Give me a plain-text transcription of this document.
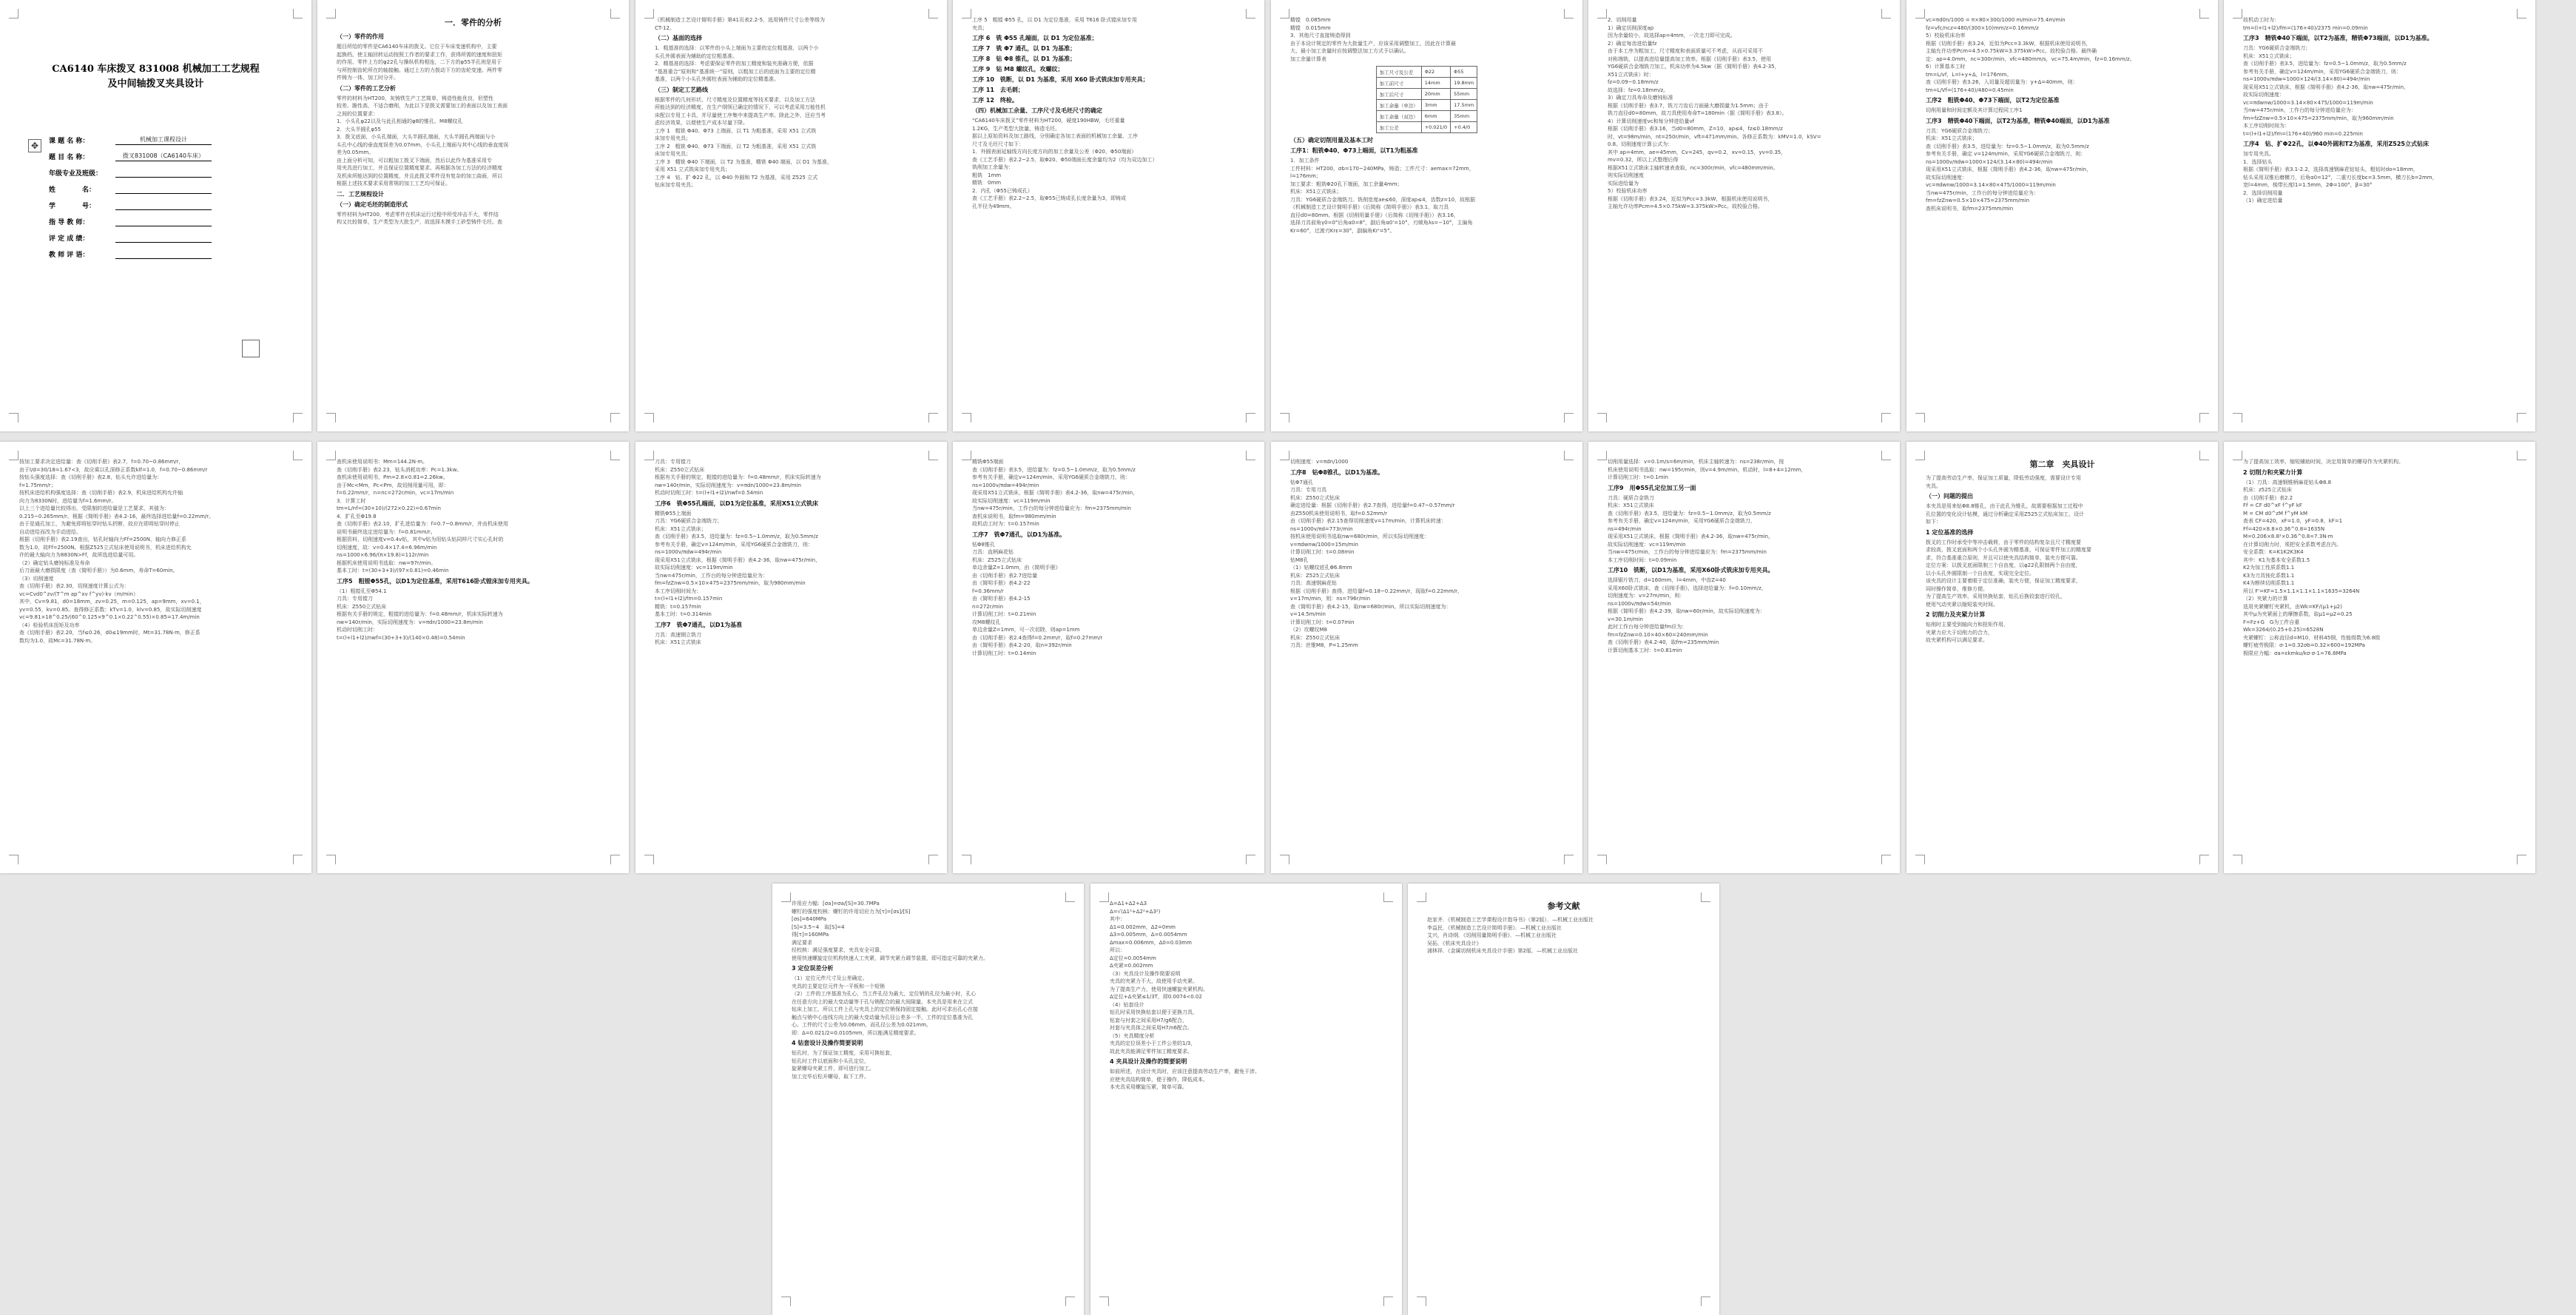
CA6140 车床拨叉 831008 机械加工工艺规程
及中间轴拨叉夹具设计
✥	课 题 名 称：	机械加工课程设计
题 目 名 称：	拨叉831008（CA6140车床）
年级专业及班级：
姓　　　　名：
学　　　　号：
指 导 教 师：
评 定 成 绩：
教 师 评 语：
一．零件的分析
（一）零件的作用
题目所给的零件是CA6140车床的拨叉。它位于车床变速机构中，主要
起换档，使主轴回转运动按照工作者的要求工作，获得所需的速度和扭矩
的作用。零件上方的φ22孔与操纵机构相连，二下方的φ55半孔则是用于
与所控制齿轮所在的轴接触。通过上方的力拨动下方的齿轮变速。两件零
件铸为一体，加工时分开。
（二）零件的工艺分析
零件的材料为HT200，灰铸铁生产工艺简单，铸造性能优良，但塑性
较差、脆性高，不适合磨削，为此以下是拨叉需要加工的表面以及加工表面
之间的位置要求：
1．小头孔φ22以及与此孔相通的φ8的锥孔、M8螺纹孔
2．大头半圆孔φ55
3．拨叉底面，小头孔端面，大头半圆孔端面，大头半圆孔两端面与小
头孔中心线的垂直度误差为0.07mm，小头孔上端面与其中心线的垂直度误
差为0.05mm。
由上面分析可知，可以粗加工拨叉下端面，然后以此作为基准采用专
用夹具进行加工，并且保证位置精度要求。再根据各加工方法的经济精度
及机床所能达到的位置精度，并且此拨叉零件没有复杂的加工曲面，所以
根据上述技术要求采用常规的加工工艺均可保证。
二．工艺规程设计
（一）确定毛坯的制造形式
零件材料为HT200，考虑零件在机床运行过程中所受冲击不大，零件结
构又比较简单，生产类型为大批生产，故选择木摸手工砂型铸件毛坯。查
《机械制造工艺设计简明手册》第41页表2.2-5，选用铸件尺寸公差等级为
CT-12。
（二）基面的选择
1．粗基准的选择：以零件的小头上端面为主要的定位粗基准，以两个小
头孔外圆表面为辅助的定位粗基准。
2．精基准的选择：考虑要保证零件的加工精度和装夹准确方便，依据
“基准重合”原则和“基准统一”原则，以粗加工后的底面为主要的定位精
基准，以两个小头孔外圆柱表面为辅助的定位精基准。
（三）制定工艺路线
根据零件的几何形状、尺寸精度及位置精度等技术要求，以及加工方法
所能达到的经济精度，在生产纲领已确定的情况下，可以考虑采用万能性机
床配以专用工卡具，并尽量使工序集中来提高生产率。除此之外，还应当考
虑经济效果，以便使生产成本尽量下降。
工序 1　粗铣 Φ40、Φ73 上端面，以 T1 为粗基准，采用 X51 立式铣
床加专用夹具；
工序 2　粗铣 Φ40、Φ73 下端面，以 T2 为粗基准，采用 X51 立式铣
床加专用夹具；
工序 3　精铣 Φ40 下端面，以 T2 为基准，精铣 Φ40 端面，以 D1 为基准，
采用 X51 立式铣床加专用夹具；
工序 4　钻、扩 Φ22 孔，以 Φ40 外圆和 T2 为基准，采用 Z525 立式
钻床加专用夹具；
工序 5　粗镗 Φ55 孔，以 D1 为定位基准，采用 T616 卧式镗床加专用
夹具；
工序 6　铣 Φ55 孔端面，以 D1 为定位基准；
工序 7　铣 Φ7 通孔，以 D1 为基准；
工序 8　钻 Φ8 锥孔，以 D1 为基准；
工序 9　钻 M8 螺纹孔，攻螺纹；
工序 10　铣断，以 D1 为基准，采用 X60 卧式铣床加专用夹具；
工序 11　去毛刺；
工序 12　终检。
（四）机械加工余量、工序尺寸及毛坯尺寸的确定
“CA6140车床拨叉”零件材料为HT200，硬度190HBW，毛坯重量
1.2KG，生产类型大批量，铸造毛坯。
据以上原始资料及加工路线，分别确定各加工表面的机械加工余量、工序
尺寸及毛坯尺寸如下：
1．外圆表面延轴线方向长度方向的加工余量及公差（Φ20、Φ50端面）
查《工艺手册》表2.2~2.5，取Φ20、Φ50端面长度余量均为2（均为双边加工）
铣削加工余量为：
粗铣　1mm
精铣　0mm
2．内孔（Φ55已铸成孔）
查《工艺手册》表2.2~2.5，取Φ55已铸成孔长度余量为3，即铸成
孔半径为49mm。
精镗　0.085mm
精镗　0.015mm
3．其他尺寸直接铸造得到
由于本设计规定的零件为大批量生产，应该采用调整加工，因此在计算最
大、最小加工余量时应按调整法加工方式予以确认。
加工余量计算表
加工尺寸及公差	Φ22	Φ55
加工前尺寸	14mm	19.8mm
加工后尺寸	20mm	55mm
加工余量（单边）	3mm	17.5mm
加工余量（双边）	6mm	35mm
加工公差	+0.021/0	+0.4/0
（五）确定切削用量及基本工时
工序1：粗铣Φ40、Φ73上端面，以T1为粗基准
1．加工条件
工件材料：HT200，σb=170~240MPa，铸造；工件尺寸：aemax=72mm，
l=176mm；
加工要求：粗铣Φ20孔下端面，加工余量4mm；
机床：X51立式铣床；
刀具：YG6硬质合金端铣刀。铣削宽度ae≤60，深度ap≤4，齿数z=10，故根据
《机械制造工艺设计简明手册》（后简称《简明手册》）表3.1，取刀具
直径d0=80mm。根据《切削用量手册》（后简称《切削手册》）表3.16，
选择刀具前角γ0=0°后角α0=8°，副后角α0'=10°，刃倾角λs=−10°，主偏角
Kr=60°，过渡刃Krε=30°，副偏角Kr'=5°。
2．切削用量
1）确定切削深度ap
因为余量较小，故选择ap=4mm，一次走刀即可完成。
2）确定每齿进给量fz
由于本工序为粗加工，尺寸精度和表面质量可不考虑，从而可采用不
对称端铣，以提高进给量提高加工效率。根据《切削手册》表3.5，使用
YG6硬质合金端铣刀加工，机床功率为4.5kw（据《简明手册》表4.2-35，
X51立式铣床）时：
fz=0.09~0.18mm/z
故选择：fz=0.18mm/z。
3）确定刀具寿命及磨钝标准
根据《切削手册》表3.7，铣刀刀齿后刀面最大磨损量为1.5mm；由于
铣刀直径d0=80mm，故刀具使用寿命T=180min（据《简明手册》表3.8）。
4）计算切削速度vc和每分钟进给量vf
根据《切削手册》表3.16，当d0=80mm，Z=10，ap≤4，fz≤0.18mm/z
时，vt=98m/min，nt=250r/min，vft=471mm/min。各修正系数为：kMV=1.0，kSV=
0.8。切削速度计算公式为：
其中 ap=4mm，ae=45mm，Cv=245，qv=0.2，xv=0.15，yv=0.35，
mv=0.32，所以上式整理后得
根据X51立式铣床主轴转速表查取，nc=300r/min，vfc=480mm/min。
则实际切削速度
实际进给量为
5）校验机床功率
根据《切削手册》表3.24，近似为Pcc=3.3kW，根据机床使用说明书，
主轴允许功率Pcm=4.5×0.75kW=3.375kW>Pcc。故校验合格。
vc=πd0n/1000 = π×80×300/1000 m/min=75.4m/min
fz=vfc/ncz=480/(300×10)mm/z=0.16mm/z
5）校验机床功率
根据《切削手册》表3.24，近似为Pcc=3.3kW，根据机床使用说明书，
主轴允许功率Pcm=4.5×0.75kW=3.375kW>Pcc。故校验合格。最终确
定：ap=4.0mm，nc=300r/min，vfc=480mm/s，vc=75.4m/min，fz=0.16mm/z。
6）计算基本工时
tm=L/vf，L=l+y+Δ，l=176mm。
查《切削手册》表3.26，入切量及超切量为：y+Δ=40mm，则：
tm=L/Vf=(176+40)/480=0.45min
工序2　粗铣Φ40、Φ73下端面，以T2为定位基准
切削用量和时间定额及其计算过程同工序1
工序3　精铣Φ40下端面，以T2为基准，精铣Φ40端面，以D1为基准
刀具：YG6硬质合金端铣刀；
机床：X51立式铣床；
查《切削手册》表3.5，进给量为：fz=0.5~1.0mm/z，取为0.5mm/z
参考有关手册，确定 v=124m/min，采用YG6硬质合金端铣刀，则：
ns=1000v/πdw=1000×124/(3.14×80)=494r/min
现采用X51立式铣床，根据《简明手册》表4.2-36，取nw=475r/min，
故实际切削速度：
vc=πdwnw/1000=3.14×80×475/1000=119m/min
当nw=475r/min，工作台的每分钟进给量应为：
fm=fzZnw=0.5×10×475=2375mm/min
查机床说明书，取fm=2375mm/min
故机动工时为：
tm=(l+l1+l2)/fm=(176+40)/2375 min=0.09min
工序3　精铣Φ40下端面，以T2为基准，精铣Φ73端面，以D1为基准。
刀具：YG6硬质合金端铣刀；
机床：X51立式铣床；
查《切削手册》表3.5，进给量为：fz=0.5~1.0mm/z，取为0.5mm/z
参考有关手册，确定v=124m/min，采用YG6硬质合金端铣刀，则：
ns=1000v/πdw=1000×124/(3.14×80)=494r/min
现采用X51立式铣床，根据《简明手册》表4.2-36，取nw=475r/min，
故实际切削速度：
vc=πdwnw/1000=3.14×80×475/1000=119m/min
当nw=475r/min，工作台的每分钟进给量应为：
fm=fzZnw=0.5×10×475=2375mm/min，取为960mm/min
本工序切削时间为：
t=(l+l1+l2)/fm=(176+40)/960 min=0.225min
工序4　钻、扩Φ22孔，以Φ40外圆和T2为基准，采用Z525立式钻床
加专用夹具。
1．选择钻头
根据《简明手册》表3.1-2.2，选择高速钢麻花钻钻头，粗钻时do=18mm，
钻头采用双锥后磨横刀，后角α0=12°，二重刃长度bε=3.5mm，横刀长b=2mm，
宽l=4mm，棱带长度l1=1.5mm，2Φ=100°，β=30°
2．选择切削用量
（1）确定进给量
按加工要求决定进给量：查《切削手册》表2.7，f=0.70~0.86mm/r，
由于l/d=30/18=1.67<3，故应乘以孔深修正系数klf=1.0，f=0.70~0.86mm/r
按钻头强度选择：查《切削手册》表2.8，钻头允许进给量为：
f=1.75mm/r；
按机床进给机构强度选择：查《切削手册》表2.9，机床进给机构允许轴
向力为8330N时，进给量为f=1.6mm/r。
以上三个进给量比较得出，受限制的进给量是工艺要求，其值为：
0.215~0.265mm/r。根据《简明手册》表4.2-16，最终选择进给量f=0.22mm/r。
由于是通孔加工，为避免即将钻穿时钻头折断，故应在即将钻穿时停止
自动进给而改为手动进给。
根据《切削手册》表2.19查出，钻孔时轴向力Ff=2500N，轴向力修正系
数为1.0，故Ff=2500N。根据Z525立式钻床使用说明书，机床进给机构允
许的最大轴向力为8830N>Ff，故所选进给量可用。
（2）确定钻头磨钝标准及寿命
后刀面最大磨损限度（查《简明手册》）为0.6mm，寿命T=60min。
（3）切削速度
查《切削手册》表2.30，切削速度计算公式为：
vc=Cvd0^zv/(T^m ap^xv f^yv)·kv（m/min）
其中，Cv=9.81，d0=18mm，zv=0.25，m=0.125，ap=9mm，xv=0.1，
yv=0.55，kv=0.85。查得修正系数：kTv=1.0，klv=0.85，故实际切削速度
vc=9.81×18^0.25/(60^0.125×9^0.1×0.22^0.55)×0.85=17.4m/min
（4）检验机床扭矩及功率
查《切削手册》表2.20，当f≤0.26，d0≤19mm时，Mt=31.78N·m，修正系
数均为1.0，故Mc=31.78N·m。
查机床使用说明书：Mm=144.2N·m。
查《切削手册》表2.23，钻头消耗功率：Pc=1.3kw。
查机床使用说明书，Pm=2.8×0.81=2.26kw。
由于Mc<Mm，Pc<Pm，故切削用量可用，即：
f=0.22mm/r，n=nc=272r/min，vc=17m/min
3．计算工时
tm=L/nf=(30+10)/(272×0.22)=0.67min
4．扩孔至Φ19.8
查《切削手册》表2.10，扩孔进给量为：f=0.7~0.8mm/r，并由机床使用
说明书最终选定进给量为：f=0.81mm/r。
根据资料，切削速度v=0.4v钻，其中v钻为用钻头钻同样尺寸实心孔时的
切削速度，故：v=0.4×17.4=6.96m/min
ns=1000×6.96/(π×19.8)=112r/min
根据机床使用说明书选取：nw=97r/min。
基本工时：t=(30+3+3)/(97×0.81)=0.46min
工序5　粗镗Φ55孔，以D1为定位基准，采用T616卧式镗床加专用夹具。
（1）粗镗孔至Φ54.1
刀具：专用镗刀
机床：Z550立式钻床
根据有关手册的规定，粗镗的进给量为：f=0.48mm/r，机床实际转速为
nw=140r/min，实际切削速度为：v=πdn/1000=23.8m/min
机动时切削工时：
t=(l+l1+l2)/nwf=(30+3+3)/(140×0.48)=0.54min
刀具：专用镗刀
机床：Z550立式钻床
根据有关手册的规定，粗镗的进给量为：f=0.48mm/r，机床实际转速为
nw=140r/min，实际切削速度为：v=πdn/1000=23.8m/min
机动时切削工时：t=(l+l1+l2)/nwf=0.54min
工序6　铣Φ55孔端面，以D1为定位基准，采用X51立式铣床
精铣Φ55上端面
刀具：YG6硬质合金端铣刀；
机床：X51立式铣床；
查《切削手册》表3.5，进给量为：fz=0.5~1.0mm/z，取为0.5mm/z
参考有关手册，确定v=124m/min，采用YG6硬质合金端铣刀，则：
ns=1000v/πdw=494r/min
现采用X51立式铣床，根据《简明手册》表4.2-36，取nw=475r/min，
故实际切削速度：vc=119m/min
当nw=475r/min，工作台的每分钟进给量应为：
fm=fzZnw=0.5×10×475=2375mm/min，取为980mm/min
本工序切削时间为：
t=(l+l1+l2)/fm=0.157min
精铣：t=0.157min
基本工时：t=0.314min
工序7　铣Φ7通孔，以D1为基准
刀具：高速钢立铣刀
机床：X51立式铣床
精铣Φ55端面
查《切削手册》表3.5，进给量为：fz=0.5~1.0mm/z，取为0.5mm/z
参考有关手册，确定v=124m/min，采用YG6硬质合金端铣刀，则：
ns=1000v/πdw=494r/min
现采用X51立式铣床，根据《简明手册》表4.2-36，取nw=475r/min，
故实际切削速度：vc=119m/min
当nw=475r/min，工作台的每分钟进给量应为：fm=2375mm/min
查机床说明书，取fm=980mm/min
故机动工时为：t=0.157min
工序7　铣Φ7通孔，以D1为基准。
钻Φ8锥孔
刀具：直柄麻花钻
机床：Z525立式钻床
单边余量Z=1.0mm，由《简明手册》
由《切削手册》表2.7进给量
由《简明手册》表4.2-22
f=0.36mm/r
由《简明手册》表4.2-15
n=272r/min
计算切削工时：t=0.21min
攻M8螺纹孔
单边余量Z=1mm，可一次切除，则ap=1mm
由《切削手册》表2.4查得f=0.2mm/r，取f=0.27mm/r
由《简明手册》表4.2-20，取n=392r/min
计算切削工时：t=0.14min
切削速度：v=πdn/1000
工序8　钻Φ8锥孔，以D1为基准。
钻Φ7通孔
刀具：专用刀具
机床：Z550立式钻床
确定进给量：根据《切削手册》表2.7查得，进给量f=0.47~0.57mm/r
由Z550机床使用说明书，取f=0.52mm/r
由《切削手册》表2.15查得切削速度v=17m/min，计算机床转速：
ns=1000v/πd=773r/min
按机床使用说明书选取nw=680r/min，所以实际切削速度：
v=πdwnw/1000=15m/min
计算切削工时：t=0.08min
钻M8孔
（1）钻螺纹底孔Φ6.8mm
机床：Z525立式钻床
刀具：高速钢麻花钻
根据《切削手册》查得，进给量f=0.18~0.22mm/r，现取f=0.22mm/r，
v=17m/min，则：ns=796r/min
查《简明手册》表4.2-15，取nw=680r/min。所以实际切削速度为：
v=14.5m/min
计算切削工时：t=0.07min
（2）攻螺纹M8
机床：Z550立式钻床
刀具：丝锥M8，P=1.25mm
切削用量选择：v=0.1m/s=6m/min，机床主轴转速为：ns=238r/min，按
机床使用说明书选取：nw=195r/min，则v=4.9m/min，机动时，l=8+4=12mm，
计算切削工时：t=0.1min
工序9　用Φ55孔定位加工另一面
刀具：硬质合金铣刀
机床：X51立式铣床
查《切削手册》表3.5，进给量为：fz=0.5~1.0mm/z，取为0.5mm/z
参考有关手册，确定v=124m/min，采用YG6硬质合金端铣刀，
ns=494r/min
现采用X51立式铣床，根据《简明手册》表4.2-36，取nw=475r/min，
故实际切削速度：vc=119m/min
当nw=475r/min，工作台的每分钟进给量应为：fm=2375mm/min
本工序切削时间：t=0.09min
工序10　铣断，以D1为基准，采用X60卧式铣床加专用夹具。
选择锯片铣刀，d=160mm，l=4mm，中齿Z=40
采用X60卧式铣床，查《切削手册》，选择进给量为：f=0.10mm/z，
切削速度为：v=27m/min，则：
ns=1000v/πdw=54r/min
根据《简明手册》表4.2-39，取nw=60r/min，故实际切削速度为：
v=30.1m/min
此时工作台每分钟进给量fm应为：
fm=fzZnw=0.10×40×60=240mm/min
查《切削手册》表4.2-40，取fm=235mm/min
计算切削基本工时：t=0.81min
第二章　夹具设计
为了提高劳动生产率，保证加工质量，降低劳动强度，需要设计专用
夹具。
（一）问题的提出
本夹具是用来钻Φ8.8锥孔，由于此孔为锥孔，故需要根据加工过程中
孔位置的变化设计钻模，通过分析确定采用Z525立式钻床加工，设计
如下：
1 定位基准的选择
拨叉的工作时承受中等冲击载荷，由于零件的结构复杂且尺寸精度要
求较高，拨叉底面和两个小头孔外圆为精基准，可保证零件加工的精度要
求，符合基准重合原则，并且可以使夹具结构简单，装夹方便可靠。
定位方案：以拨叉底面限制三个自由度，以φ22孔限制两个自由度，
以小头孔外圆限制一个自由度，实现完全定位。
该夹具的设计主要着眼于定位准确，装夹方便，保证加工精度要求，
同时操作简单，维修方便。
为了提高生产效率，采用快换钻套，钻孔后换铰套进行铰孔，
使用气动夹紧以缩短装夹时间。
2 切削力及夹紧力计算
钻削时主要受到轴向力和扭矩作用，
夹紧力应大于切削力的合力，
故夹紧机构可以满足要求。
为了提高加工效率，缩短辅助时间，决定用简单的螺母作为夹紧机构。
2 切削力和夹紧力计算
（1）刀具：高速钢锥柄麻花钻头Φ8.8
机床：z525立式钻床
由《切削手册》表2.2
Ff = CF d0^xF f^yF kF
M = CM d0^zM f^yM kM
查表 CF=420，xF=1.0，yF=0.8，kF=1
Ff=420×8.8×0.36^0.8=1635N
M=0.206×8.8²×0.36^0.8=7.3N·m
在计算切削力时，须把安全系数考虑在内。
安全系数：K=K1K2K3K4
其中：K1为基本安全系数1.5
K2为加工性质系数1.1
K3为刀具钝化系数1.1
K4为断续切削系数1.1
所以 F'=KF=1.5×1.1×1.1×1.1×1635=3264N
（2）夹紧力的计算
选用夹紧螺钉夹紧机，由Wk=KF/(μ1+μ2)
其中μ为夹紧面上的摩擦系数，取μ1=μ2=0.25
F=Fz+G　G为工件自重
Wk=3264/(0.25+0.25)=6528N
夹紧螺钉：公称直径d=M10，材料45钢，性能级数为6.8级
螺钉疲劳极限：σ-1=0.32σb=0.32×600=192MPa
极限应力幅：σa=εkmku/kσ·σ-1=76.8MPa
许用应力幅：[σa]=σa/[S]=30.7MPa
螺钉的强度校核：螺钉的许用切应力为[τ]=[σs]/[S]
[σs]=640MPa
[S]=3.5~4　取[S]=4
得[τ]=160MPa
满足要求
经校核：满足强度要求，夹具安全可靠，
使用快速螺旋定位机构快速人工夹紧，调节夹紧力调节装置，即可指定可靠的夹紧力。
3 定位误差分析
（1）定位元件尺寸及公差确定。
夹具的主要定位元件为一平板和一个短销
（2）工件的工序基准为孔心，当工件孔径为最大，定位销的孔径为最小时，孔心
在任意方向上的最大变动量等于孔与销配合的最大间隙量。本夹具是用来在立式
钻床上加工，所以工件上孔与夹具上的定位销保持固定接触。此时可求出孔心在接
触点与销中心连线方向上的最大变动量为孔径公差多一半，工件的定位基准为孔
心。工件的尺寸公差为0.06mm，而孔径公差为0.021mm。
即：Δ=0.021/2=0.0105mm，所以能满足精度要求。
4 钻套设计及操作简要说明
钻孔时，为了保证加工精度，采用可换钻套，
钻孔时工件以底面和小头孔定位，
旋紧螺母夹紧工件，即可进行加工。
加工完毕后松开螺母，取下工件。
Δ=Δ1+Δ2+Δ3
Δ=√(Δ1²+Δ2²+Δ3²)
其中：
Δ1=0.002mm，Δ2=0mm
Δ3=0.005mm，Δ=0.0054mm
Δmax=0.006mm，Δ0=0.03mm
所以：
Δ定位=0.0054mm
Δ夹紧=0.002mm
（3）夹具设计及操作简要说明
夹具的夹紧力不大，故使用手动夹紧。
为了提高生产力，使用快速螺旋夹紧机构。
Δ定位+Δ夹紧≤1/3T，即0.0074<0.02
（4）钻套设计
钻孔时采用快换钻套以便于更换刀具，
钻套与衬套之间采用H7/g6配合，
衬套与夹具体之间采用H7/n6配合。
（5）夹具精度分析
夹具的定位误差小于工件公差的1/3，
故此夹具能满足零件加工精度要求。
4 夹具设计及操作的简要说明
如前所述，在设计夹具时，应该注意提高劳动生产率，避免干涉。
应使夹具结构简单，便于操作，降低成本。
本夹具采用螺旋压紧，简单可靠。
参考文献
赵家齐．《机械制造工艺学课程设计指导书》（第2版）．—机械工业出版社
李益民．《机械制造工艺设计简明手册》．—机械工业出版社
艾兴，肖诗纲．《切削用量简明手册》．—机械工业出版社
吴拓．《机床夹具设计》
浦林祥．《金属切削机床夹具设计手册》第2版．—机械工业出版社
